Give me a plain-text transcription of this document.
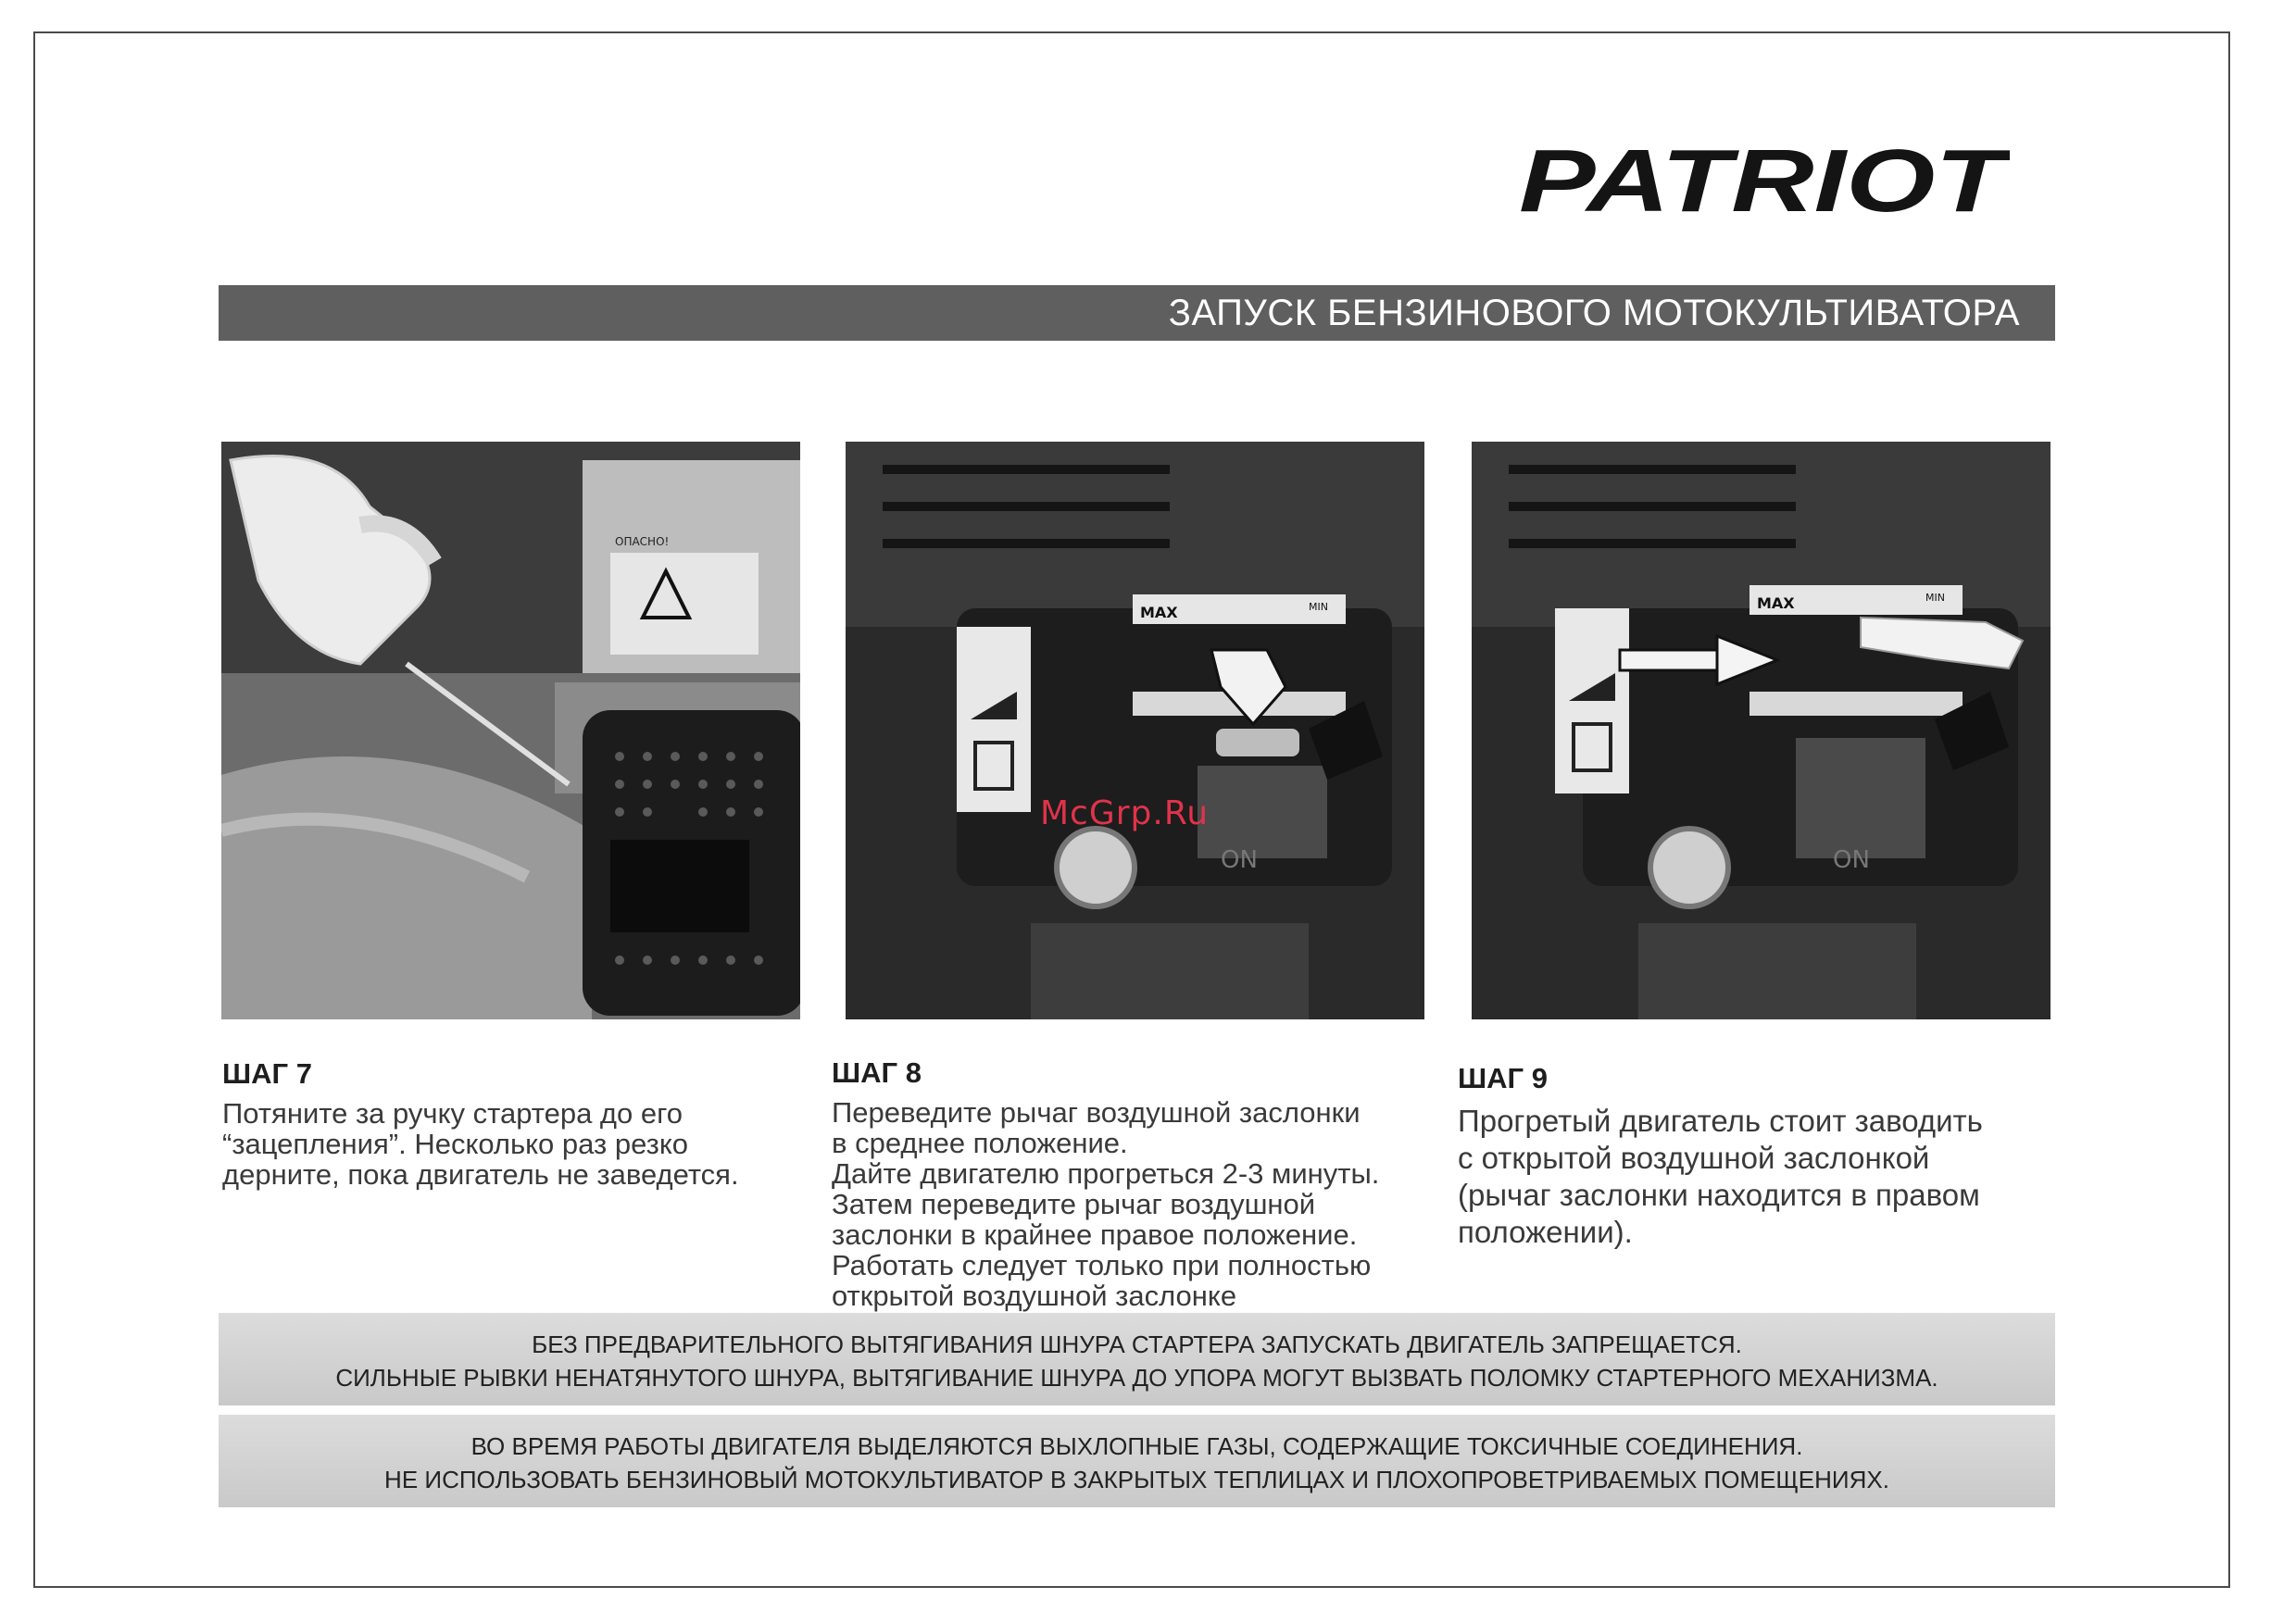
PATRIOT
ЗАПУСК БЕНЗИНОВОГО МОТОКУЛЬТИВАТОРА
ОПАСНО!
MAX	MIN
ON
MAX	MIN
ON
McGrp.Ru
ШАГ 7
Потяните за ручку стартера до его
“зацепления”. Несколько раз резко
дерните, пока двигатель не заведется.
ШАГ 8
Переведите рычаг воздушной заслонки
в среднее положение.
Дайте двигателю прогреться 2-3 минуты.
Затем переведите рычаг воздушной
заслонки в крайнее правое положение.
Работать следует только при полностью
открытой воздушной заслонке
ШАГ 9
Прогретый двигатель стоит заводить
с открытой воздушной заслонкой
(рычаг заслонки находится в правом
положении).
БЕЗ ПРЕДВАРИТЕЛЬНОГО ВЫТЯГИВАНИЯ ШНУРА СТАРТЕРА ЗАПУСКАТЬ ДВИГАТЕЛЬ ЗАПРЕЩАЕТСЯ.
СИЛЬНЫЕ РЫВКИ НЕНАТЯНУТОГО ШНУРА, ВЫТЯГИВАНИЕ ШНУРА ДО УПОРА МОГУТ ВЫЗВАТЬ ПОЛОМКУ СТАРТЕРНОГО МЕХАНИЗМА.
ВО ВРЕМЯ РАБОТЫ ДВИГАТЕЛЯ ВЫДЕЛЯЮТСЯ ВЫХЛОПНЫЕ ГАЗЫ, СОДЕРЖАЩИЕ ТОКСИЧНЫЕ СОЕДИНЕНИЯ.
НЕ ИСПОЛЬЗОВАТЬ БЕНЗИНОВЫЙ МОТОКУЛЬТИВАТОР В ЗАКРЫТЫХ ТЕПЛИЦАХ И ПЛОХОПРОВЕТРИВАЕМЫХ ПОМЕЩЕНИЯХ.
